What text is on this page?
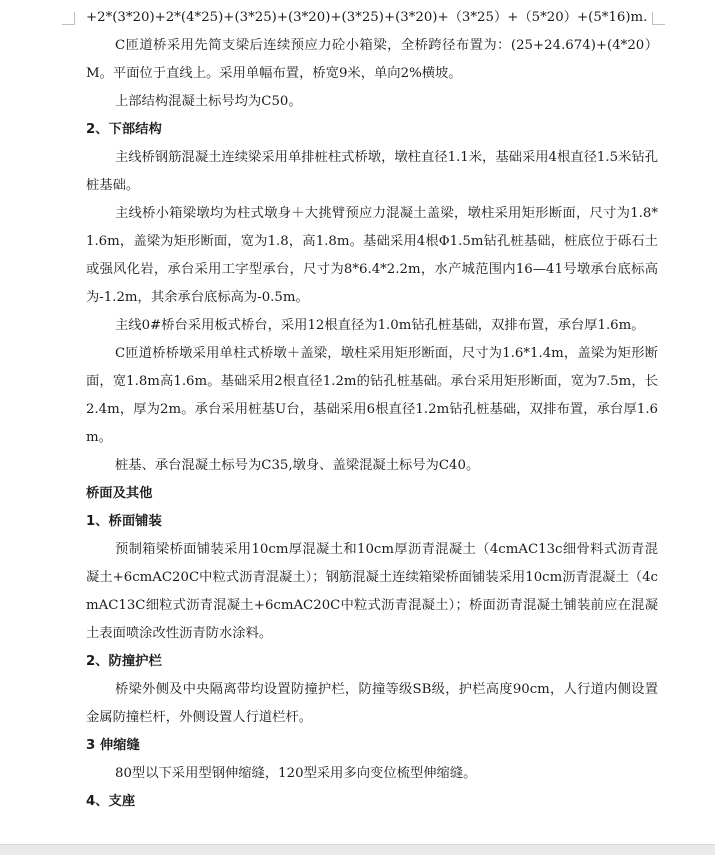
+2*(3*20)+2*(4*25)+(3*25)+(3*20)+(3*25)+(3*20)+（3*25）+（5*20）+(5*16)m.

C匝道桥采用先简支梁后连续预应力砼小箱梁，全桥跨径布置为：(25+24.674)+(4*20）M。平面位于直线上。采用单幅布置，桥宽9米，单向2%横坡。

上部结构混凝土标号均为C50。

2、下部结构

主线桥钢筋混凝土连续梁采用单排桩柱式桥墩，墩柱直径1.1米，基础采用4根直径1.5米钻孔桩基础。

主线桥小箱梁墩均为柱式墩身＋大挑臂预应力混凝土盖梁，墩柱采用矩形断面，尺寸为1.8*1.6m，盖梁为矩形断面，宽为1.8，高1.8m。基础采用4根Φ1.5m钻孔桩基础，桩底位于砾石土或强风化岩，承台采用工字型承台，尺寸为8*6.4*2.2m，水产城范围内16—41号墩承台底标高为-1.2m，其余承台底标高为-0.5m。

主线0#桥台采用板式桥台，采用12根直径为1.0m钻孔桩基础，双排布置，承台厚1.6m。

C匝道桥桥墩采用单柱式桥墩＋盖梁，墩柱采用矩形断面，尺寸为1.6*1.4m，盖梁为矩形断面，宽1.8m高1.6m。基础采用2根直径1.2m的钻孔桩基础。承台采用矩形断面，宽为7.5m，长2.4m，厚为2m。承台采用桩基U台，基础采用6根直径1.2m钻孔桩基础，双排布置，承台厚1.6m。

桩基、承台混凝土标号为C35,墩身、盖梁混凝土标号为C40。

桥面及其他

1、桥面铺装

预制箱梁桥面铺装采用10cm厚混凝土和10cm厚沥青混凝土（4cmAC13c细骨料式沥青混凝土+6cmAC20C中粒式沥青混凝土）；钢筋混凝土连续箱梁桥面铺装采用10cm沥青混凝土（4cmAC13C细粒式沥青混凝土+6cmAC20C中粒式沥青混凝土）；桥面沥青混凝土铺装前应在混凝土表面喷涂改性沥青防水涂料。

2、防撞护栏

桥梁外侧及中央隔离带均设置防撞护栏，防撞等级SB级，护栏高度90cm，人行道内侧设置金属防撞栏杆，外侧设置人行道栏杆。

3 伸缩缝

80型以下采用型钢伸缩缝，120型采用多向变位梳型伸缩缝。

4、支座
